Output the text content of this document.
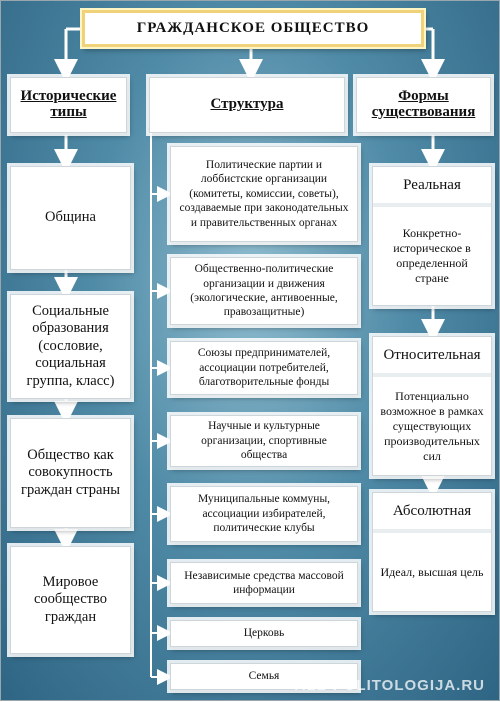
ГРАЖДАНСКОЕ ОБЩЕСТВО
Исторические типы	Структура	Формы существования
Община
Социальные образования (сословие, социальная группа, класс)
Общество как совокупность граждан страны
Мировое сообщество граждан
Политические партии и лоббистские организации (комитеты, комиссии, советы), создаваемые при законодательных и правительственных органах
Общественно-политические организации и движения (экологические, антивоенные, правозащитные)
Союзы предпринимателей, ассоциации потребителей, благотворительные фонды
Научные и культурные организации, спортивные общества
Муниципальные коммуны, ассоциации избирателей, политические клубы
Независимые средства массовой информации
Церковь
Семья
Реальная
Конкретно-историческое в определенной стране
Относительная
Потенциально возможное в рамках существующих производительных сил
Абсолютная
Идеал, высшая цель
ALL-POLITOLOGIJA.RU
